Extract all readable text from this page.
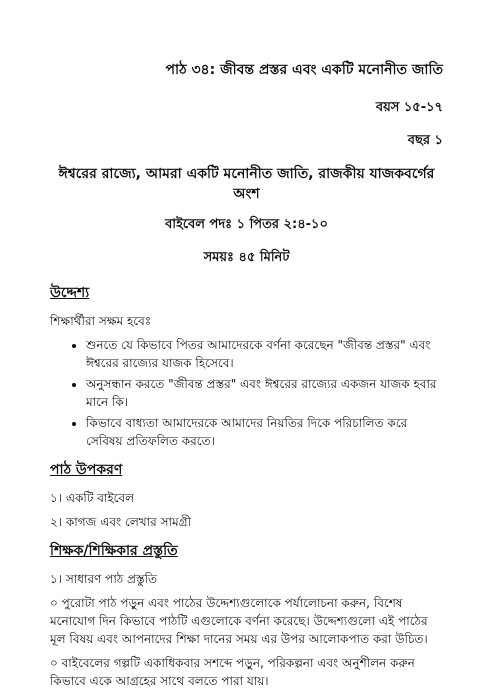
পাঠ ৩৪: জীবন্ত প্রস্তর এবং একটি মনোনীত জাতি
বয়স ১৫-১৭
বছর ১
ঈশ্বরের রাজ্যে, আমরা একটি মনোনীত জাতি, রাজকীয় যাজকবর্গের অংশ
বাইবেল পদঃ ১ পিতর ২:৪-১০
সময়ঃ ৪৫ মিনিট
উদ্দেশ্য
শিক্ষার্থীরা সক্ষম হবেঃ
• শুনতে যে কিভাবে পিতর আমাদেরকে বর্ণনা করেছেন "জীবন্ত প্রস্তর" এবং ঈশ্বরের রাজ্যের যাজক হিসেবে।
• অনুসন্ধান করতে "জীবন্ত প্রস্তর" এবং ঈশ্বরের রাজ্যের একজন যাজক হবার মানে কি।
• কিভাবে বাধ্যতা আমাদেরকে আমাদের নিয়তির দিকে পরিচালিত করে সেবিষয় প্রতিফলিত করতে।
পাঠ উপকরণ
১। একটি বাইবেল
২। কাগজ এবং লেখার সামগ্রী
শিক্ষক/শিক্ষিকার প্রস্তুতি
১। সাধারণ পাঠ প্রস্তুতি
০ পুরোটা পাঠ পড়ুন এবং পাঠের উদ্দেশ্যগুলোকে পর্যালোচনা করুন, বিশেষ মনোযোগ দিন কিভাবে পাঠটি এগুলোকে বর্ণনা করেছে। উদ্দেশ্যগুলো এই পাঠের মূল বিষয় এবং আপনাদের শিক্ষা দানের সময় এর উপর আলোকপাত করা উচিত।
০ বাইবেলের গল্পটি একাধিকবার সশব্দে পড়ুন, পরিকল্পনা এবং অনুশীলন করুন কিভাবে একে আগ্রহের সাথে বলতে পারা যায়।
